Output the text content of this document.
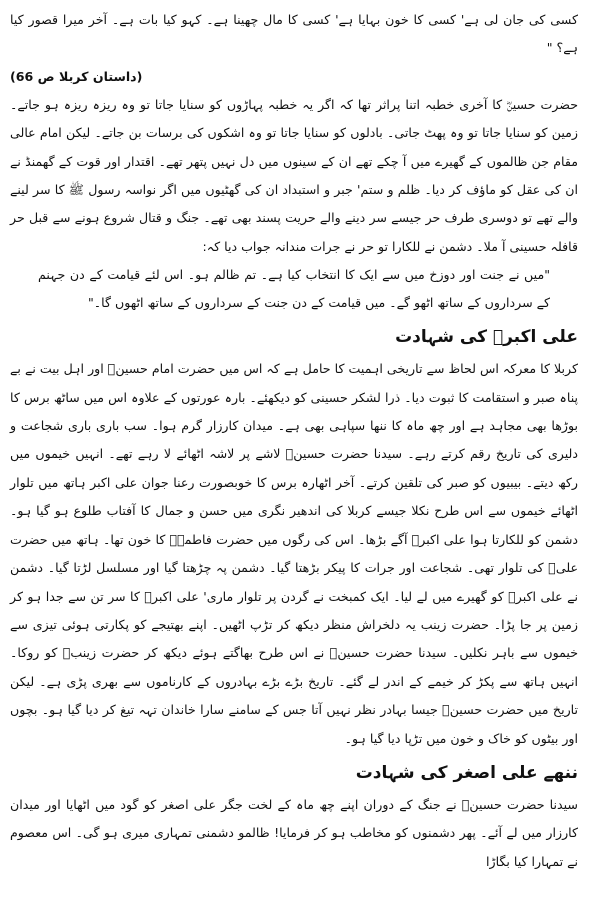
کسی کی جان لی ہے' کسی کا خون بہایا ہے' کسی کا مال چھینا ہے۔ کہو کیا بات ہے۔ آخر میرا قصور کیا ہے؟ "

(داستان کربلا ص 66)

حضرت حسینؓ کا آخری خطبہ اتنا پراثر تھا کہ اگر یہ خطبہ پہاڑوں کو سنایا جاتا تو وہ ریزہ ریزہ ہو جاتے۔ زمین کو سنایا جاتا تو وہ پھٹ جاتی۔ بادلوں کو سنایا جاتا تو وہ اشکوں کی برسات بن جاتے۔ لیکن امام عالی مقام جن ظالموں کے گھیرے میں آ چکے تھے ان کے سینوں میں دل نہیں پتھر تھے۔ اقتدار اور قوت کے گھمنڈ نے ان کی عقل کو ماؤف کر دیا۔ ظلم و ستم' جبر و استبداد ان کی گھٹیوں میں اگر نواسہ رسول ﷺ کا سر لینے والے تھے تو دوسری طرف حر جیسے سر دینے والے حریت پسند بھی تھے۔ جنگ و قتال شروع ہونے سے قبل حر قافلہ حسینی آ ملا۔ دشمن نے للکارا تو حر نے جرات مندانہ جواب دیا کہ:

"میں نے جنت اور دوزخ میں سے ایک کا انتخاب کیا ہے۔ تم ظالم ہو۔ اس لئے قیامت کے دن جہنم کے سرداروں کے ساتھ اٹھو گے۔ میں قیامت کے دن جنت کے سرداروں کے ساتھ اٹھوں گا۔"

علی اکبرؓ کی شہادت

کربلا کا معرکہ اس لحاظ سے تاریخی اہمیت کا حامل ہے کہ اس میں حضرت امام حسینؓ اور اہل بیت نے بے پناہ صبر و استقامت کا ثبوت دیا۔ ذرا لشکر حسینی کو دیکھئے۔ بارہ عورتوں کے علاوہ اس میں ساٹھ برس کا بوڑھا بھی مجاہد ہے اور چھ ماہ کا ننھا سپاہی بھی ہے۔ میدان کارزار گرم ہوا۔ سب باری باری شجاعت و دلیری کی تاریخ رقم کرتے رہے۔ سیدنا حضرت حسینؓ لاشے پر لاشہ اٹھائے لا رہے تھے۔ انہیں خیموں میں رکھ دیتے۔ بیبیوں کو صبر کی تلقین کرتے۔ آخر اٹھارہ برس کا خوبصورت رعنا جوان علی اکبر ہاتھ میں تلوار اٹھائے خیموں سے اس طرح نکلا جیسے کربلا کی اندھیر نگری میں حسن و جمال کا آفتاب طلوع ہو گیا ہو۔ دشمن کو للکارتا ہوا علی اکبرؓ آگے بڑھا۔ اس کی رگوں میں حضرت فاطمہؓ کا خون تھا۔ ہاتھ میں حضرت علیؓ کی تلوار تھی۔ شجاعت اور جرات کا پیکر بڑھتا گیا۔ دشمن پہ چڑھتا گیا اور مسلسل لڑتا گیا۔ دشمن نے علی اکبرؓ کو گھیرے میں لے لیا۔ ایک کمبخت نے گردن پر تلوار ماری' علی اکبرؓ کا سر تن سے جدا ہو کر زمین پر جا پڑا۔ حضرت زینب یہ دلخراش منظر دیکھ کر تڑپ اٹھیں۔ اپنے بھتیجے کو پکارتی ہوئی تیزی سے خیموں سے باہر نکلیں۔ سیدنا حضرت حسینؓ نے اس طرح بھاگتے ہوئے دیکھ کر حضرت زینبؓ کو روکا۔ انہیں ہاتھ سے پکڑ کر خیمے کے اندر لے گئے۔ تاریخ بڑے بڑے بہادروں کے کارناموں سے بھری پڑی ہے۔ لیکن تاریخ میں حضرت حسینؓ جیسا بہادر نظر نہیں آتا جس کے سامنے سارا خاندان تہہ تیغ کر دیا گیا ہو۔ بچوں اور بیٹوں کو خاک و خون میں تڑپا دیا گیا ہو۔

ننھے علی اصغر کی شہادت

سیدنا حضرت حسینؓ نے جنگ کے دوران اپنے چھ ماہ کے لخت جگر علی اصغر کو گود میں اٹھایا اور میدان کارزار میں لے آئے۔ پھر دشمنوں کو مخاطب ہو کر فرمایا! ظالمو دشمنی تمہاری میری ہو گی۔ اس معصوم نے تمہارا کیا بگاڑا
